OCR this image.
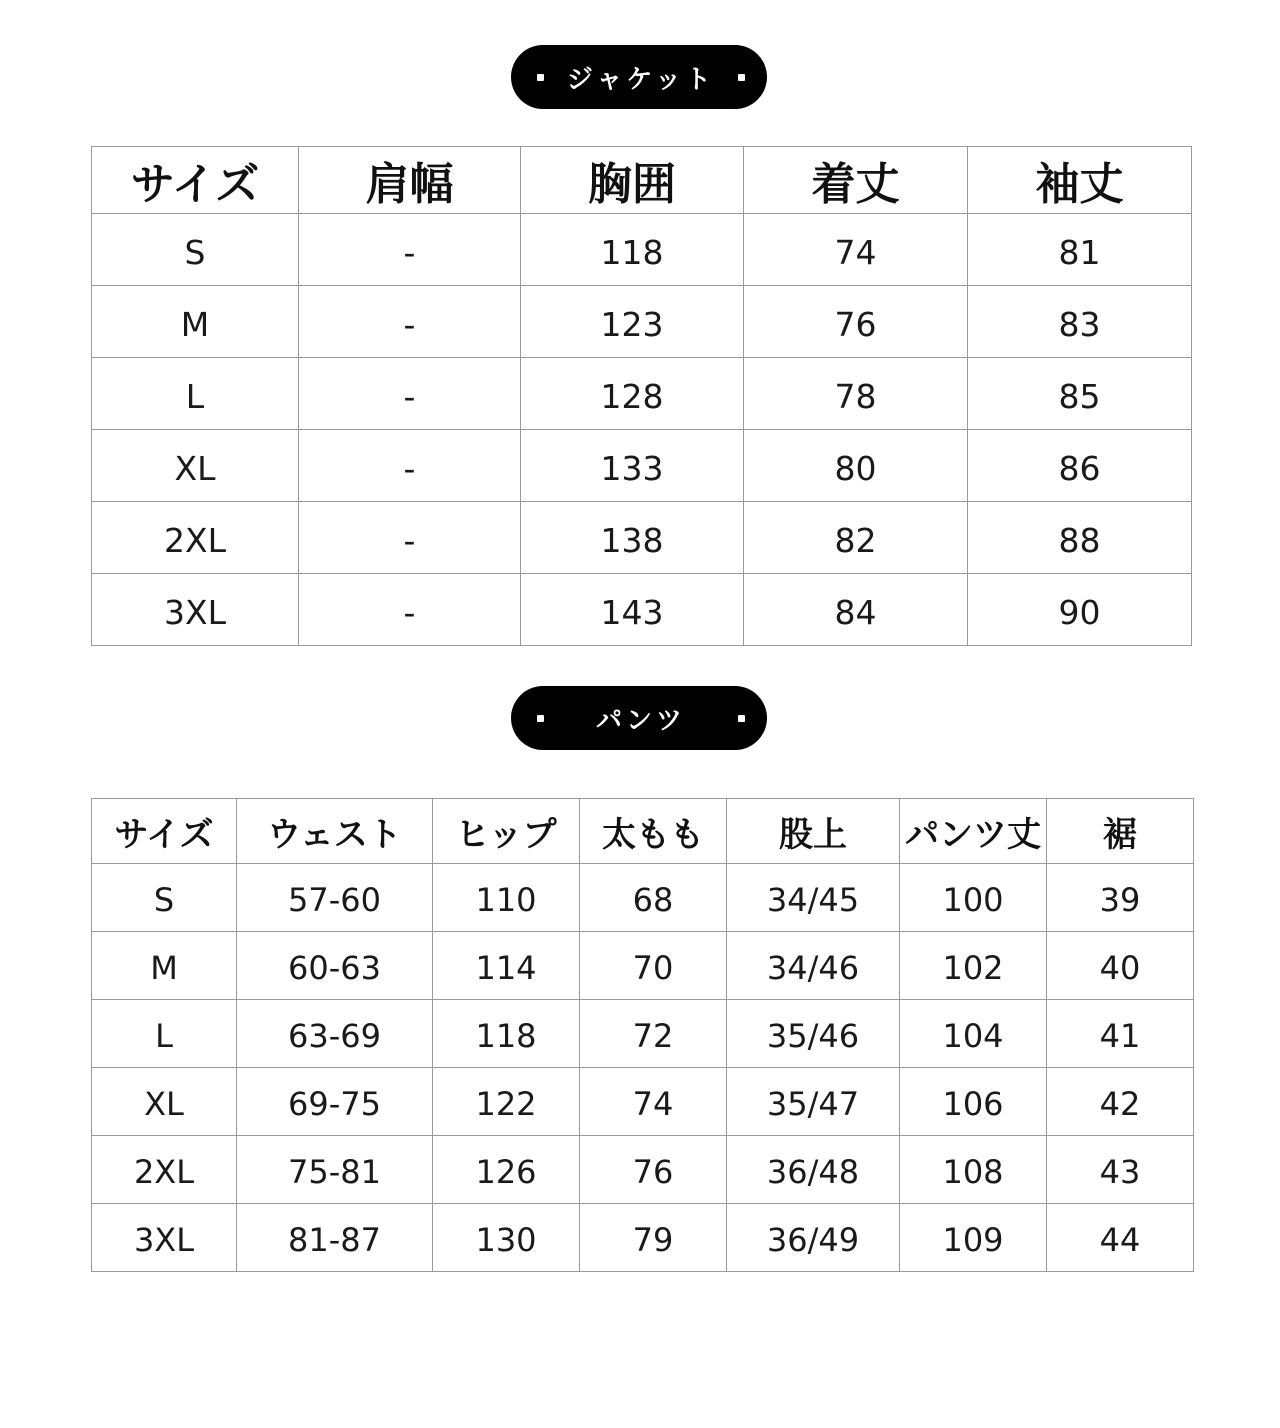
ジャケット
サイズ	肩幅	胸囲	着丈	袖丈
S	-	118	74	81
M	-	123	76	83
L	-	128	78	85
XL	-	133	80	86
2XL	-	138	82	88
3XL	-	143	84	90
パンツ
サイズ	ウェスト	ヒップ	太もも	股上	パンツ丈	裾
S	57-60	110	68	34/45	100	39
M	60-63	114	70	34/46	102	40
L	63-69	118	72	35/46	104	41
XL	69-75	122	74	35/47	106	42
2XL	75-81	126	76	36/48	108	43
3XL	81-87	130	79	36/49	109	44
